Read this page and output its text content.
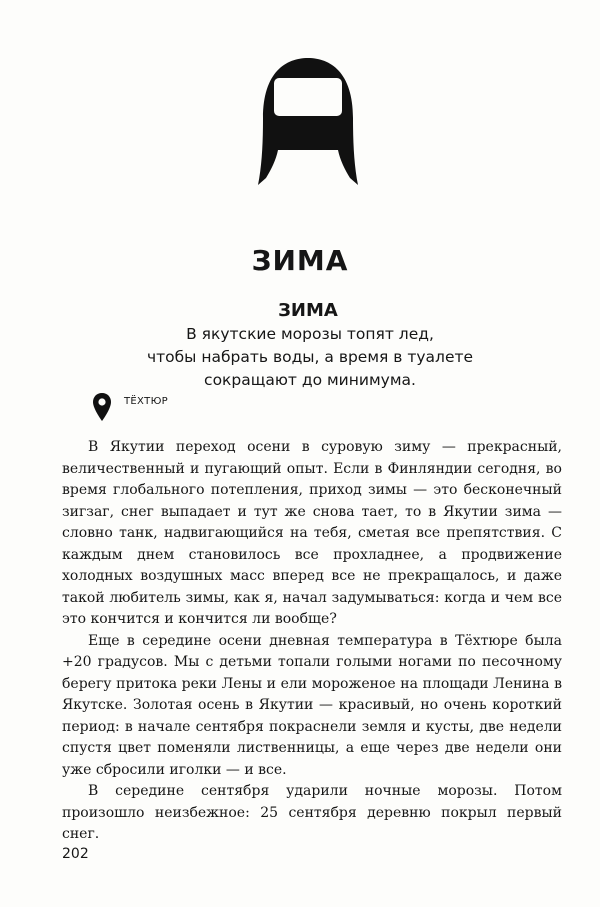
ЗИМА
ЗИМА
В якутские морозы топят лед,
чтобы набрать воды, а время в туалете
сокращают до минимума.
ТЁХТЮР

В Якутии переход осени в суровую зиму — прекрасный, величественный и пугающий опыт. Если в Финляндии сегодня, во время глобального потепления, приход зимы — это бесконечный зигзаг, снег выпадает и тут же снова тает, то в Якутии зима — словно танк, надвигающийся на тебя, сметая все препятствия. С каждым днем становилось все прохладнее, а продвижение холодных воздушных масс вперед все не прекращалось, и даже такой любитель зимы, как я, начал задумываться: когда и чем все это кончится и кончится ли вообще?

Еще в середине осени дневная температура в Тёхтюре была +20 градусов. Мы с детьми топали голыми ногами по песочному берегу притока реки Лены и ели мороженое на площади Ленина в Якутске. Золотая осень в Якутии — красивый, но очень короткий период: в начале сентября покраснели земля и кусты, две недели спустя цвет поменяли лиственницы, а еще через две недели они уже сбросили иголки — и все.

В середине сентября ударили ночные морозы. Потом произошло неизбежное: 25 сентября деревню покрыл первый снег.

202
